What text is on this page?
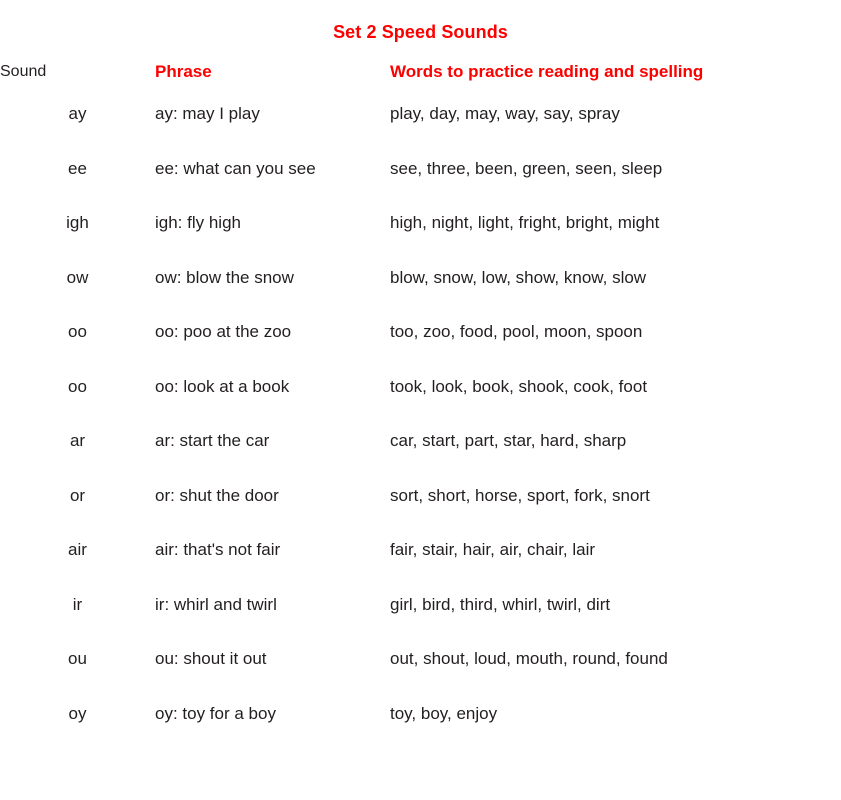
Set 2 Speed Sounds
Sound	Phrase	Words to practice reading and spelling
ay	ay: may I play	play, day, may, way, say, spray
ee	ee: what can you see	see, three, been, green, seen, sleep
igh	igh: fly high	high, night, light, fright, bright, might
ow	ow: blow the snow	blow, snow, low, show, know, slow
oo	oo: poo at the zoo	too, zoo, food, pool, moon, spoon
oo	oo: look at a book	took, look, book, shook, cook, foot
ar	ar: start the car	car, start, part, star, hard, sharp
or	or: shut the door	sort, short, horse, sport, fork, snort
air	air: that's not fair	fair, stair, hair, air, chair, lair
ir	ir: whirl and twirl	girl, bird, third, whirl, twirl, dirt
ou	ou: shout it out	out, shout, loud, mouth, round, found
oy	oy: toy for a boy	toy, boy, enjoy
